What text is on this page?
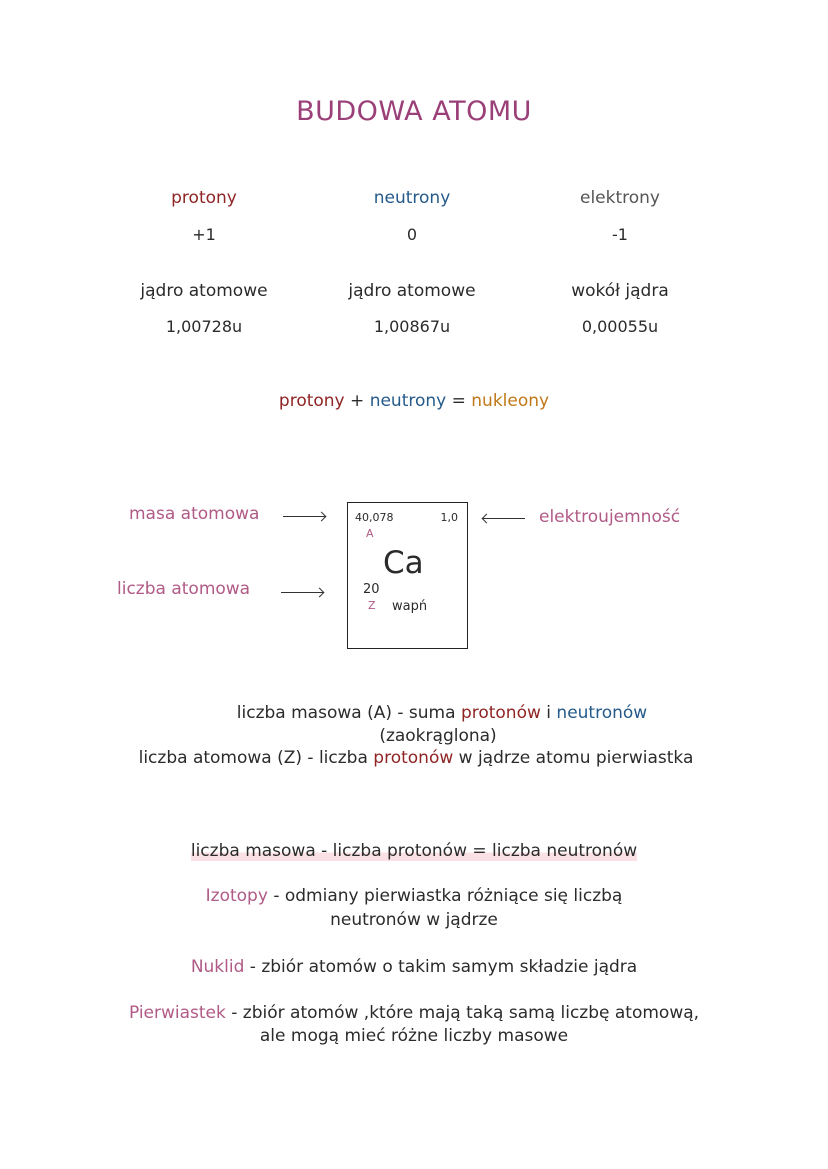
BUDOWA ATOMU
protony	neutrony	elektrony
+1	0	-1
jądro atomowe	jądro atomowe	wokół jądra
1,00728u	1,00867u	0,00055u
protony + neutrony = nukleony
masa atomowa
liczba atomowa
elektroujemność
40,078	1,0
A
Ca
20
Z wapń
liczba masowa (A) - suma protonów i neutronów
(zaokrąglona)
liczba atomowa (Z) - liczba protonów w jądrze atomu pierwiastka
liczba masowa - liczba protonów = liczba neutronów
Izotopy - odmiany pierwiastka różniące się liczbą
neutronów w jądrze
Nuklid - zbiór atomów o takim samym składzie jądra
Pierwiastek - zbiór atomów ,które mają taką samą liczbę atomową,
ale mogą mieć różne liczby masowe
